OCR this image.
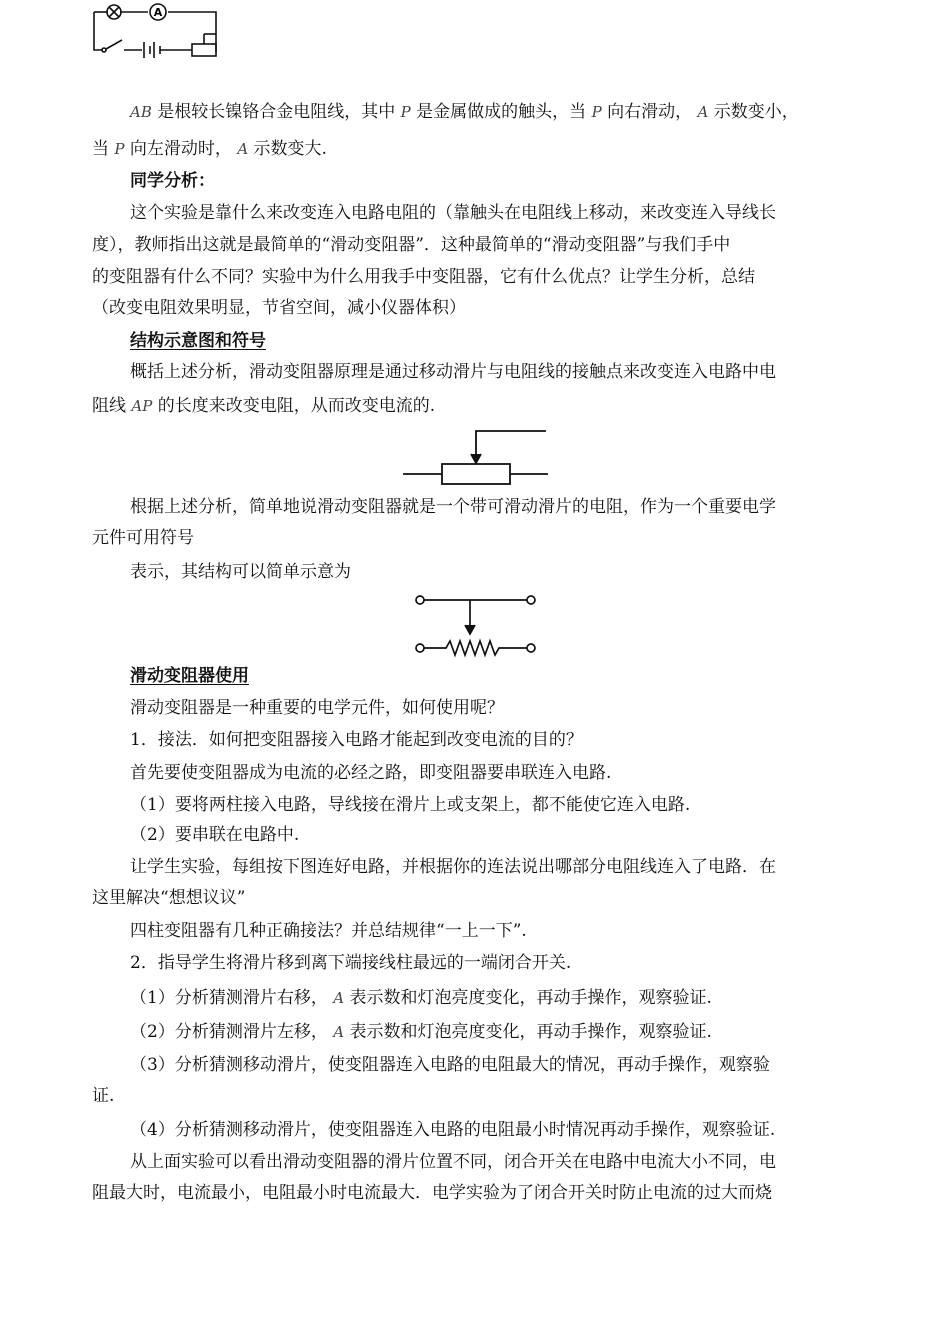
A
AB 是根较长镍铬合金电阻线，其中 P 是金属做成的触头，当 P 向右滑动， A 示数变小，
当 P 向左滑动时， A 示数变大.
同学分析：
这个实验是靠什么来改变连入电路电阻的（靠触头在电阻线上移动，来改变连入导线长
度），教师指出这就是最简单的“滑动变阻器”．这种最简单的“滑动变阻器”与我们手中
的变阻器有什么不同？实验中为什么用我手中变阻器，它有什么优点？让学生分析，总结
（改变电阻效果明显，节省空间，减小仪器体积）
结构示意图和符号
概括上述分析，滑动变阻器原理是通过移动滑片与电阻线的接触点来改变连入电路中电
阻线 AP 的长度来改变电阻，从而改变电流的.
根据上述分析，简单地说滑动变阻器就是一个带可滑动滑片的电阻，作为一个重要电学
元件可用符号
表示，其结构可以简单示意为
滑动变阻器使用
滑动变阻器是一种重要的电学元件，如何使用呢？
1．接法．如何把变阻器接入电路才能起到改变电流的目的？
首先要使变阻器成为电流的必经之路，即变阻器要串联连入电路.
（1）要将两柱接入电路，导线接在滑片上或支架上，都不能使它连入电路.
（2）要串联在电路中.
让学生实验，每组按下图连好电路，并根据你的连法说出哪部分电阻线连入了电路．在
这里解决“想想议议”
四柱变阻器有几种正确接法？并总结规律“一上一下”.
2．指导学生将滑片移到离下端接线柱最远的一端闭合开关.
（1）分析猜测滑片右移， A 表示数和灯泡亮度变化，再动手操作，观察验证.
（2）分析猜测滑片左移， A 表示数和灯泡亮度变化，再动手操作，观察验证.
（3）分析猜测移动滑片，使变阻器连入电路的电阻最大的情况，再动手操作，观察验
证.
（4）分析猜测移动滑片，使变阻器连入电路的电阻最小时情况再动手操作，观察验证.
从上面实验可以看出滑动变阻器的滑片位置不同，闭合开关在电路中电流大小不同，电
阻最大时，电流最小，电阻最小时电流最大．电学实验为了闭合开关时防止电流的过大而烧
